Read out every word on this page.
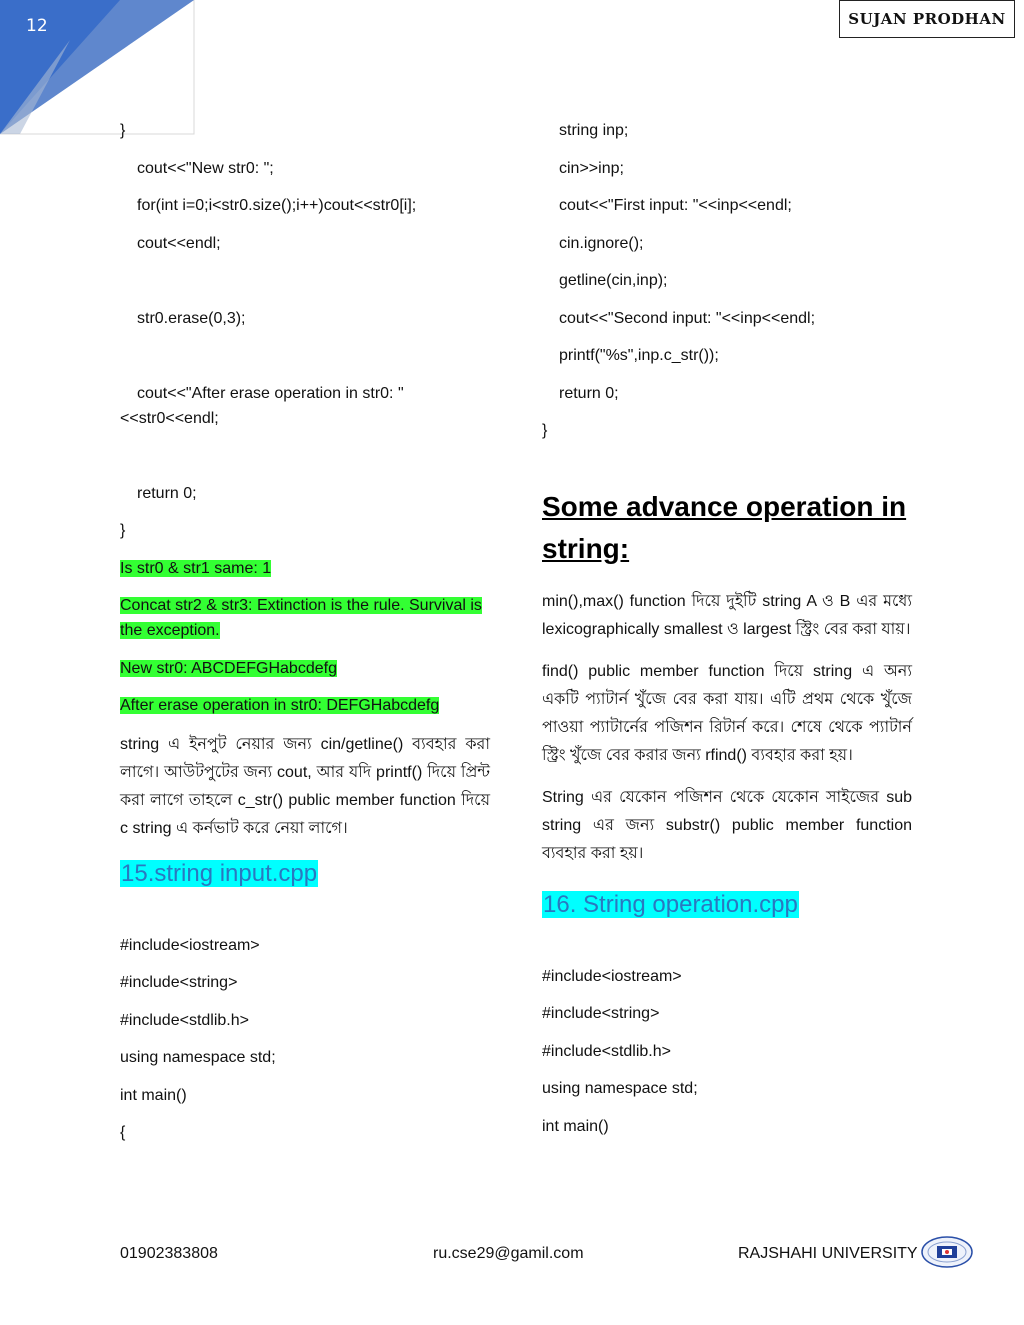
12	SUJAN PRODHAN
}
cout<<"New str0: ";
for(int i=0;i<str0.size();i++)cout<<str0[i];
cout<<endl;
str0.erase(0,3);
cout<<"After erase operation in str0: "<<str0<<endl;
return 0;
}
Is str0 & str1 same: 1
Concat str2 & str3: Extinction is the rule. Survival is the exception.
New str0: ABCDEFGHabcdefg
After erase operation in str0: DEFGHabcdefg
string এ ইনপুট নেয়ার জন্য cin/getline() ব্যবহার করা লাগে। আউটপুটের জন্য cout, আর যদি printf() দিয়ে প্রিন্ট করা লাগে তাহলে c_str() public member function দিয়ে c string এ কর্নভাট করে নেয়া লাগে।
15.string input.cpp
#include<iostream>
#include<string>
#include<stdlib.h>
using namespace std;
int main()
{
string inp;
cin>>inp;
cout<<"First input: "<<inp<<endl;
cin.ignore();
getline(cin,inp);
cout<<"Second input: "<<inp<<endl;
printf("%s",inp.c_str());
return 0;
}
Some advance operation in string:
min(),max() function দিয়ে দুইটি string A ও B এর মধ্যে lexicographically smallest ও largest স্ট্রিং বের করা যায়।
find() public member function দিয়ে string এ অন্য একটি প্যাটার্ন খুঁজে বের করা যায়। এটি প্রথম থেকে খুঁজে পাওয়া প্যাটার্নের পজিশন রিটার্ন করে। শেষে থেকে প্যাটার্ন স্ট্রিং খুঁজে বের করার জন্য rfind() ব্যবহার করা হয়।
String এর যেকোন পজিশন থেকে যেকোন সাইজের sub string এর জন্য substr() public member function ব্যবহার করা হয়।
16. String operation.cpp
#include<iostream>
#include<string>
#include<stdlib.h>
using namespace std;
int main()
01902383808	ru.cse29@gamil.com	RAJSHAHI UNIVERSITY
